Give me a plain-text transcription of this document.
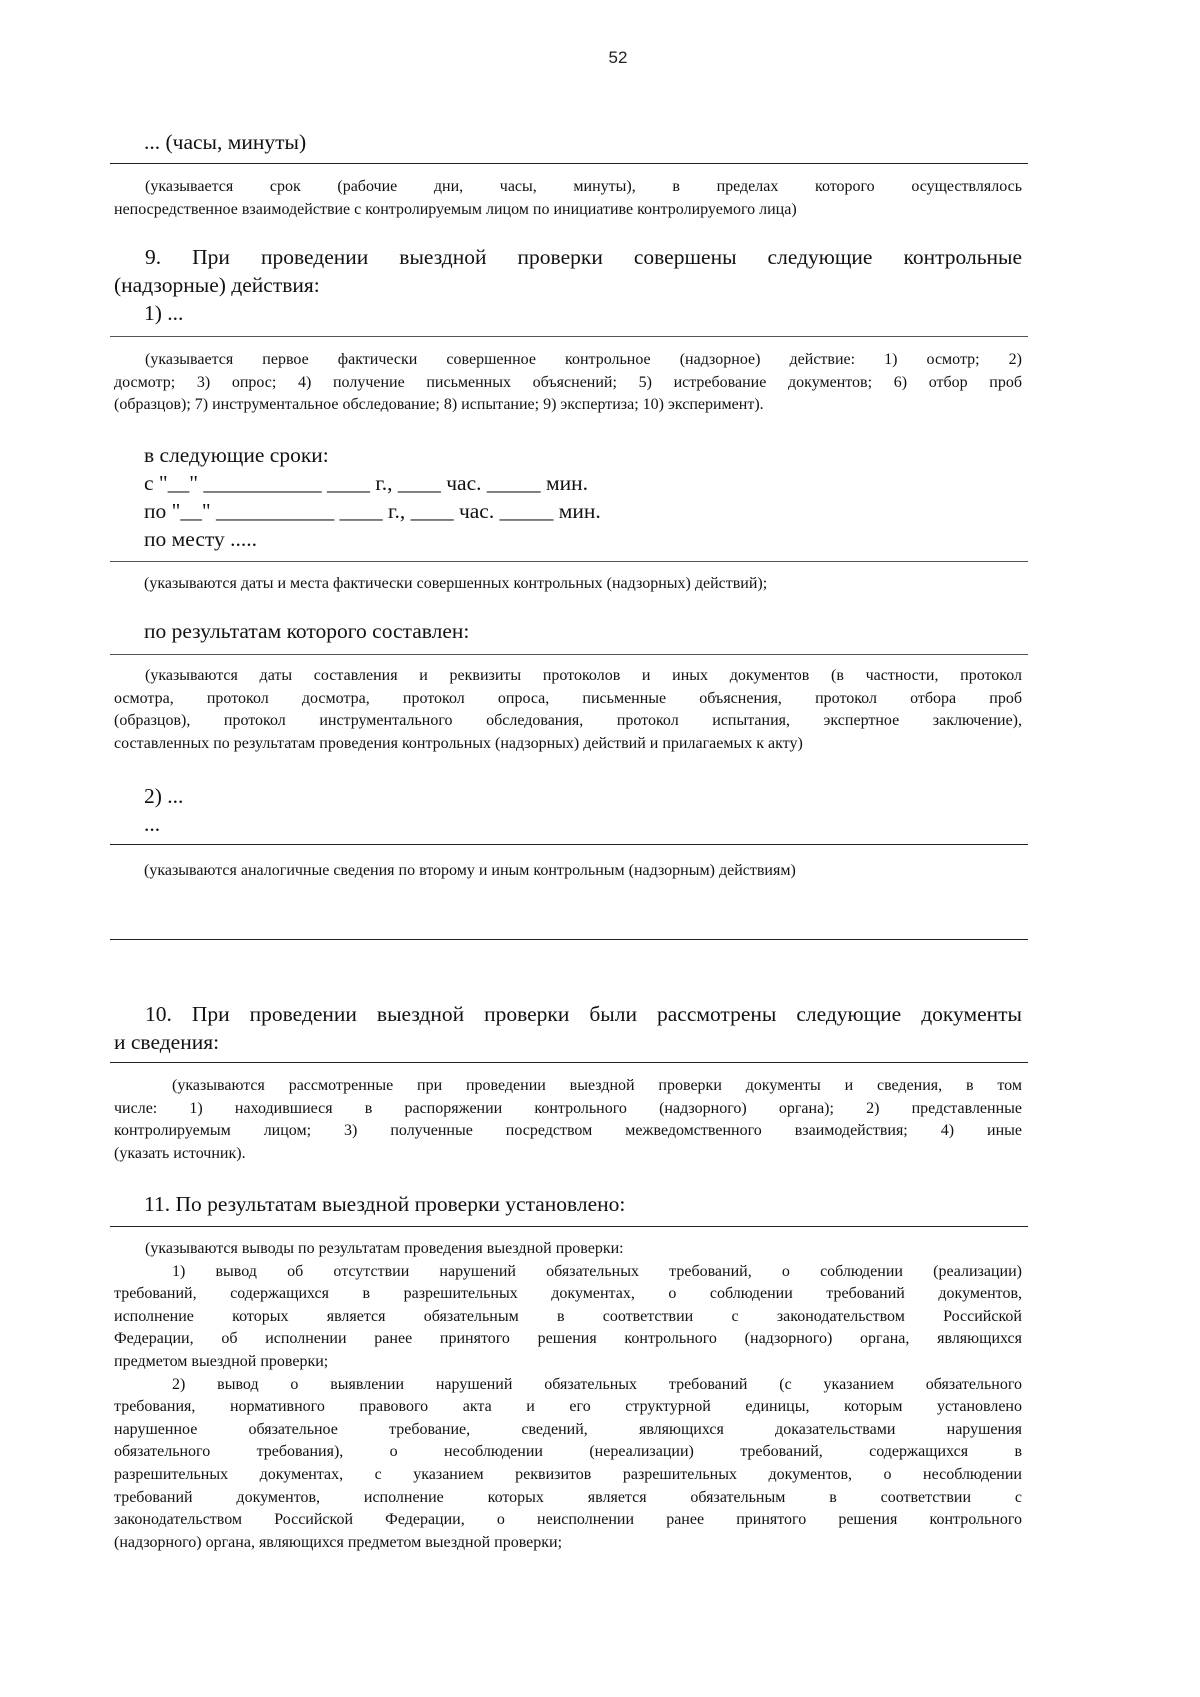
52
... (часы, минуты)
(указывается срок (рабочие дни, часы, минуты), в пределах которого осуществлялось
непосредственное взаимодействие с контролируемым лицом по инициативе контролируемого лица)
9. При проведении выездной проверки совершены следующие контрольные
(надзорные) действия:
1) ...
(указывается первое фактически совершенное контрольное (надзорное) действие: 1) осмотр; 2)
досмотр; 3) опрос; 4) получение письменных объяснений; 5) истребование документов; 6) отбор проб
(образцов); 7) инструментальное обследование; 8) испытание; 9) экспертиза; 10) эксперимент).
в следующие сроки:
с "__" ___________ ____ г., ____ час. _____ мин.
по "__" ___________ ____ г., ____ час. _____ мин.
по месту .....
(указываются даты и места фактически совершенных контрольных (надзорных) действий);
по результатам которого составлен:
(указываются даты составления и реквизиты протоколов и иных документов (в частности, протокол
осмотра, протокол досмотра, протокол опроса, письменные объяснения, протокол отбора проб
(образцов), протокол инструментального обследования, протокол испытания, экспертное заключение),
составленных по результатам проведения контрольных (надзорных) действий и прилагаемых к акту)
2) ...
...
(указываются аналогичные сведения по второму и иным контрольным (надзорным) действиям)
10. При проведении выездной проверки были рассмотрены следующие документы
и сведения:
(указываются рассмотренные при проведении выездной проверки документы и сведения, в том
числе: 1) находившиеся в распоряжении контрольного (надзорного) органа); 2) представленные
контролируемым лицом; 3) полученные посредством межведомственного взаимодействия; 4) иные
(указать источник).
11. По результатам выездной проверки установлено:
(указываются выводы по результатам проведения выездной проверки:
1) вывод об отсутствии нарушений обязательных требований, о соблюдении (реализации)
требований, содержащихся в разрешительных документах, о соблюдении требований документов,
исполнение которых является обязательным в соответствии с законодательством Российской
Федерации, об исполнении ранее принятого решения контрольного (надзорного) органа, являющихся
предметом выездной проверки;
2) вывод о выявлении нарушений обязательных требований (с указанием обязательного
требования, нормативного правового акта и его структурной единицы, которым установлено
нарушенное обязательное требование, сведений, являющихся доказательствами нарушения
обязательного требования), о несоблюдении (нереализации) требований, содержащихся в
разрешительных документах, с указанием реквизитов разрешительных документов, о несоблюдении
требований документов, исполнение которых является обязательным в соответствии с
законодательством Российской Федерации, о неисполнении ранее принятого решения контрольного
(надзорного) органа, являющихся предметом выездной проверки;
